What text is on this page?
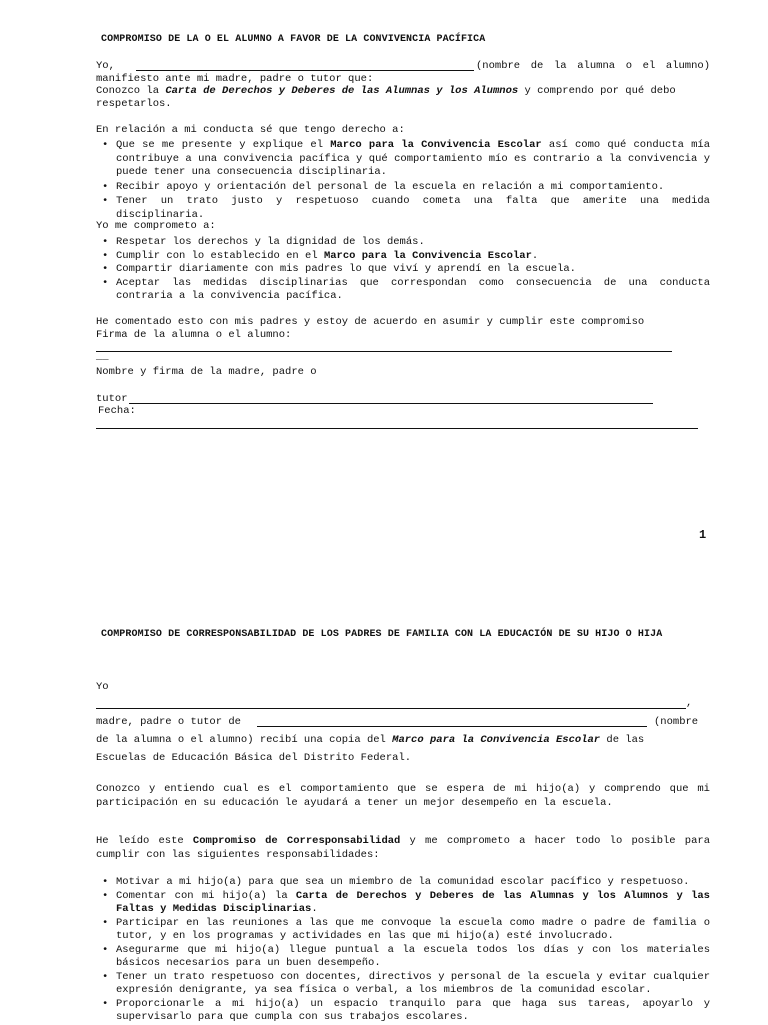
COMPROMISO DE LA O EL ALUMNO A FAVOR DE LA CONVIVENCIA PACÍFICA
Yo,	(nombre de la alumna o el alumno)
manifiesto ante mi madre, padre o tutor que:
Conozco la Carta de Derechos y Deberes de las Alumnas y los Alumnos y comprendo por qué debo
respetarlos.
En relación a mi conducta sé que tengo derecho a:
• Que se me presente y explique el Marco para la Convivencia Escolar así como qué conducta mía contribuye a una convivencia pacífica y qué comportamiento mío es contrario a la convivencia y puede tener una consecuencia disciplinaria.
• Recibir apoyo y orientación del personal de la escuela en relación a mi comportamiento.
• Tener un trato justo y respetuoso cuando cometa una falta que amerite una medida disciplinaria.
Yo me comprometo a:
• Respetar los derechos y la dignidad de los demás.
• Cumplir con lo establecido en el Marco para la Convivencia Escolar.
• Compartir diariamente con mis padres lo que viví y aprendí en la escuela.
• Aceptar las medidas disciplinarias que correspondan como consecuencia de una conducta contraria a la convivencia pacífica.
He comentado esto con mis padres y estoy de acuerdo en asumir y cumplir este compromiso
Firma de la alumna o el alumno:
__
Nombre y firma de la madre, padre o
tutor
Fecha:
1
COMPROMISO DE CORRESPONSABILIDAD DE LOS PADRES DE FAMILIA CON LA EDUCACIÓN DE SU HIJO O HIJA
Yo
,
madre, padre o tutor de	(nombre
de la alumna o el alumno) recibí una copia del Marco para la Convivencia Escolar de las
Escuelas de Educación Básica del Distrito Federal.
Conozco y entiendo cual es el comportamiento que se espera de mi hijo(a) y comprendo que mi participación en su educación le ayudará a tener un mejor desempeño en la escuela.
He leído este Compromiso de Corresponsabilidad y me comprometo a hacer todo lo posible para cumplir con las siguientes responsabilidades:
• Motivar a mi hijo(a) para que sea un miembro de la comunidad escolar pacífico y respetuoso.
• Comentar con mi hijo(a) la Carta de Derechos y Deberes de las Alumnas y los Alumnos y las Faltas y Medidas Disciplinarias.
• Participar en las reuniones a las que me convoque la escuela como madre o padre de familia o tutor, y en los programas y actividades en las que mi hijo(a) esté involucrado.
• Asegurarme que mi hijo(a) llegue puntual a la escuela todos los días y con los materiales básicos necesarios para un buen desempeño.
• Tener un trato respetuoso con docentes, directivos y personal de la escuela y evitar cualquier expresión denigrante, ya sea física o verbal, a los miembros de la comunidad escolar.
• Proporcionarle a mi hijo(a) un espacio tranquilo para que haga sus tareas, apoyarlo y supervisarlo para que cumpla con sus trabajos escolares.
